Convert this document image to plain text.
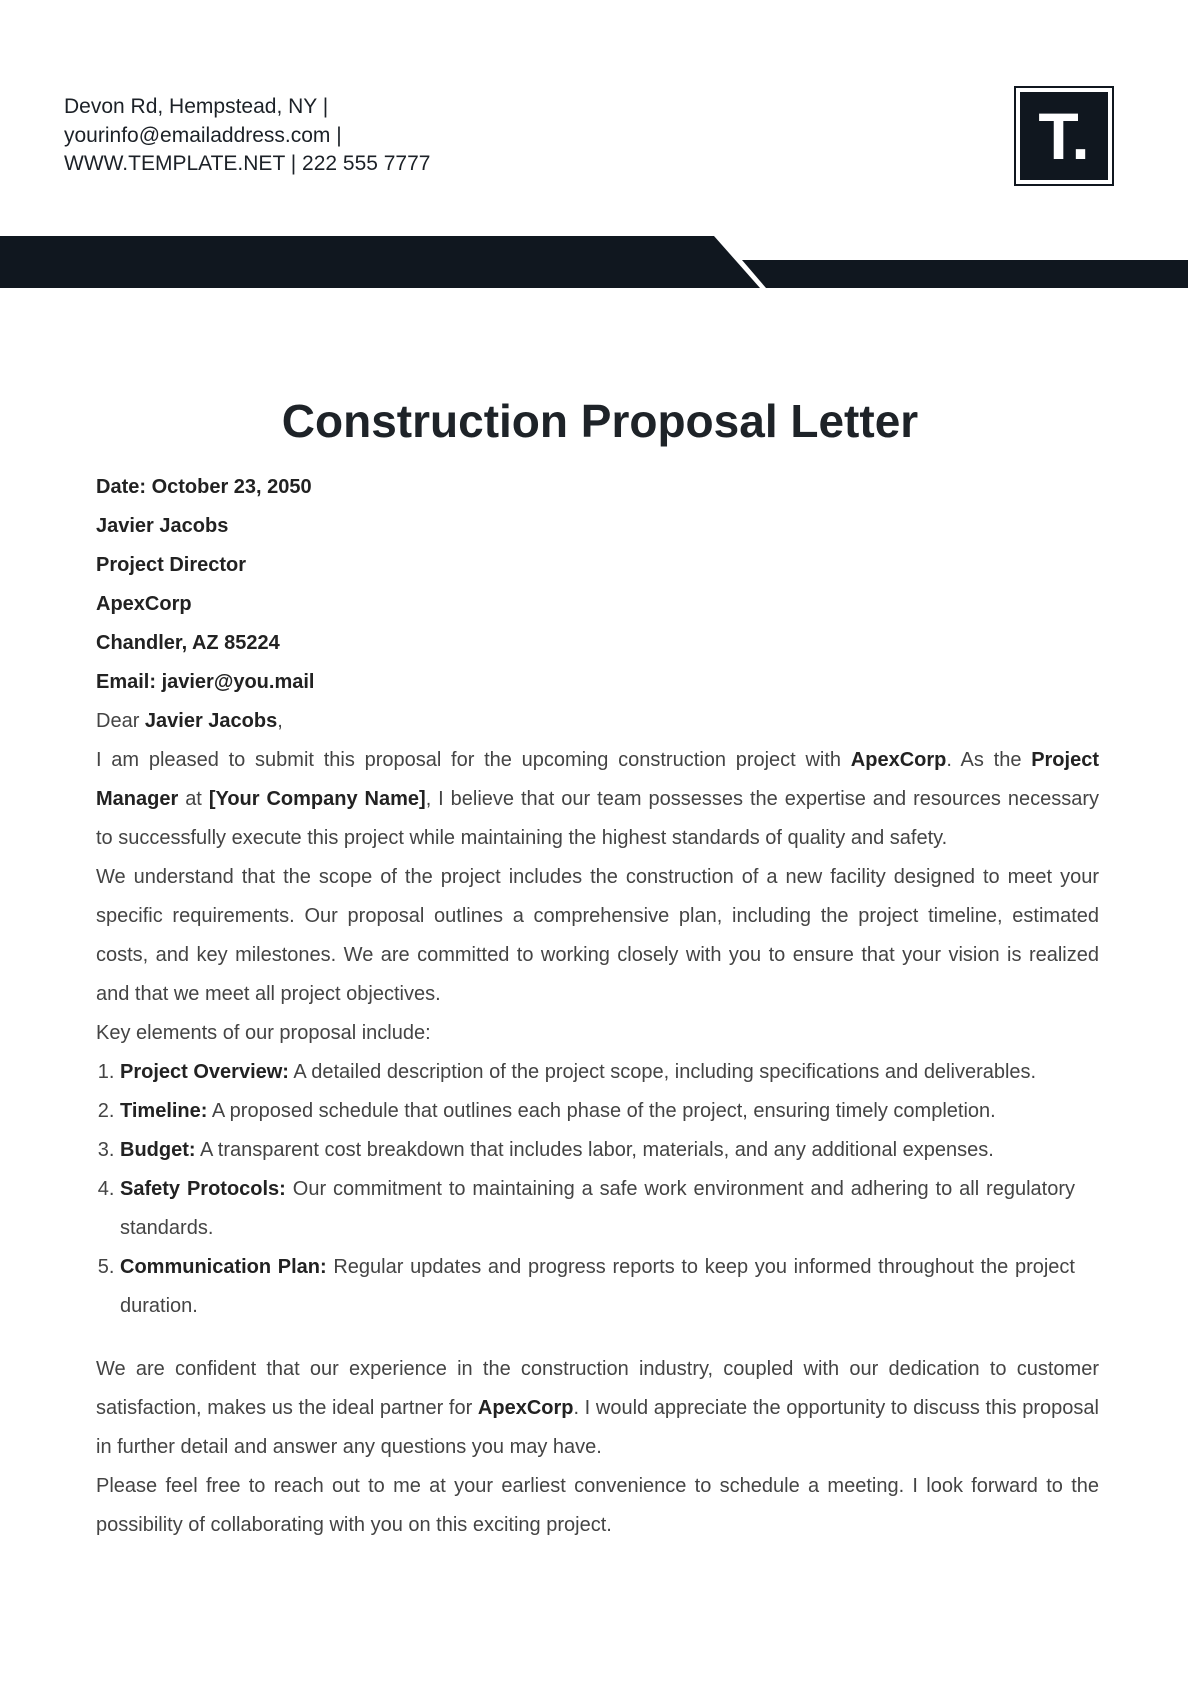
Devon Rd, Hempstead, NY |
yourinfo@emailaddress.com |
WWW.TEMPLATE.NET | 222 555 7777	T.
Construction Proposal Letter
Date: October 23, 2050
Javier Jacobs
Project Director
ApexCorp
Chandler, AZ 85224
Email: javier@you.mail

Dear Javier Jacobs,

I am pleased to submit this proposal for the upcoming construction project with ApexCorp. As the Project Manager at [Your Company Name], I believe that our team possesses the expertise and resources necessary to successfully execute this project while maintaining the highest standards of quality and safety.

We understand that the scope of the project includes the construction of a new facility designed to meet your specific requirements. Our proposal outlines a comprehensive plan, including the project timeline, estimated costs, and key milestones. We are committed to working closely with you to ensure that your vision is realized and that we meet all project objectives.

Key elements of our proposal include:

1. Project Overview: A detailed description of the project scope, including specifications and deliverables.
2. Timeline: A proposed schedule that outlines each phase of the project, ensuring timely completion.
3. Budget: A transparent cost breakdown that includes labor, materials, and any additional expenses.
4. Safety Protocols: Our commitment to maintaining a safe work environment and adhering to all regulatory standards.
5. Communication Plan: Regular updates and progress reports to keep you informed throughout the project duration.

We are confident that our experience in the construction industry, coupled with our dedication to customer satisfaction, makes us the ideal partner for ApexCorp. I would appreciate the opportunity to discuss this proposal in further detail and answer any questions you may have.

Please feel free to reach out to me at your earliest convenience to schedule a meeting. I look forward to the possibility of collaborating with you on this exciting project.
